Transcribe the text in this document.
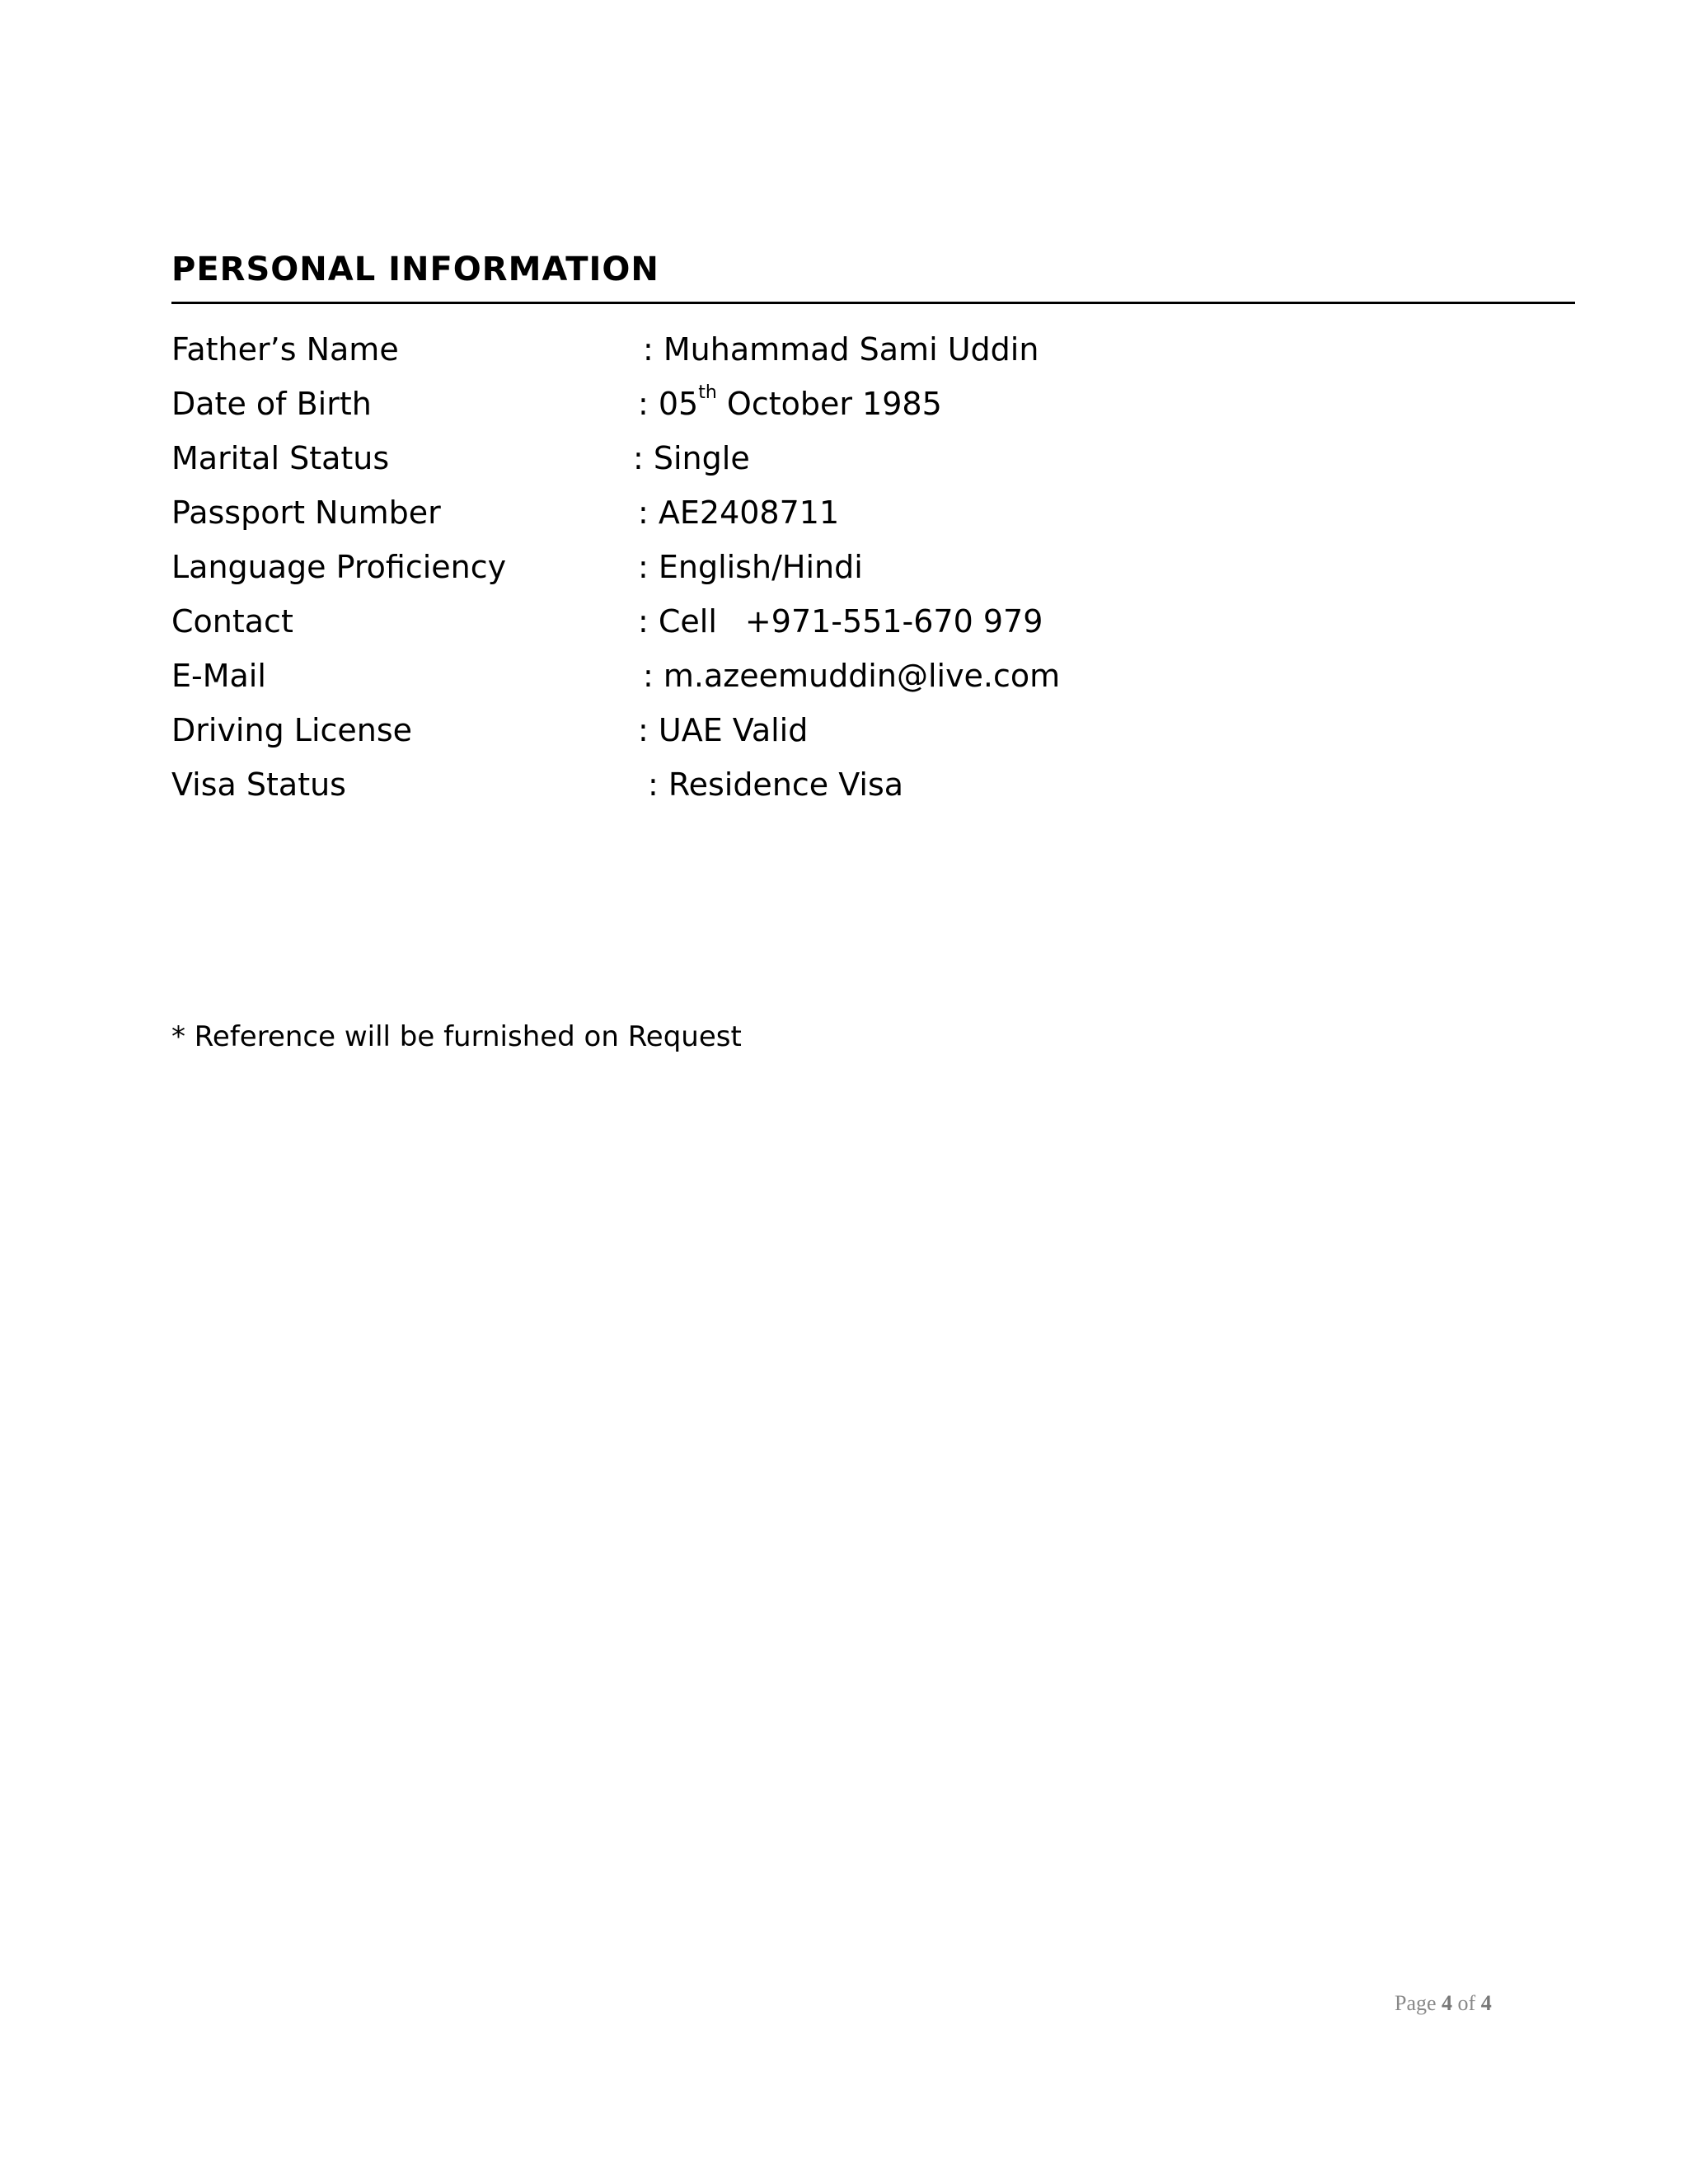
PERSONAL INFORMATION
Father’s Name	: Muhammad Sami Uddin
Date of Birth	: 05th October 1985
Marital Status	: Single
Passport Number	: AE2408711
Language Proficiency	: English/Hindi
Contact	: Cell +971-551-670 979
E-Mail	: m.azeemuddin@live.com
Driving License	: UAE Valid
Visa Status	: Residence Visa
* Reference will be furnished on Request
Page 4 of 4
